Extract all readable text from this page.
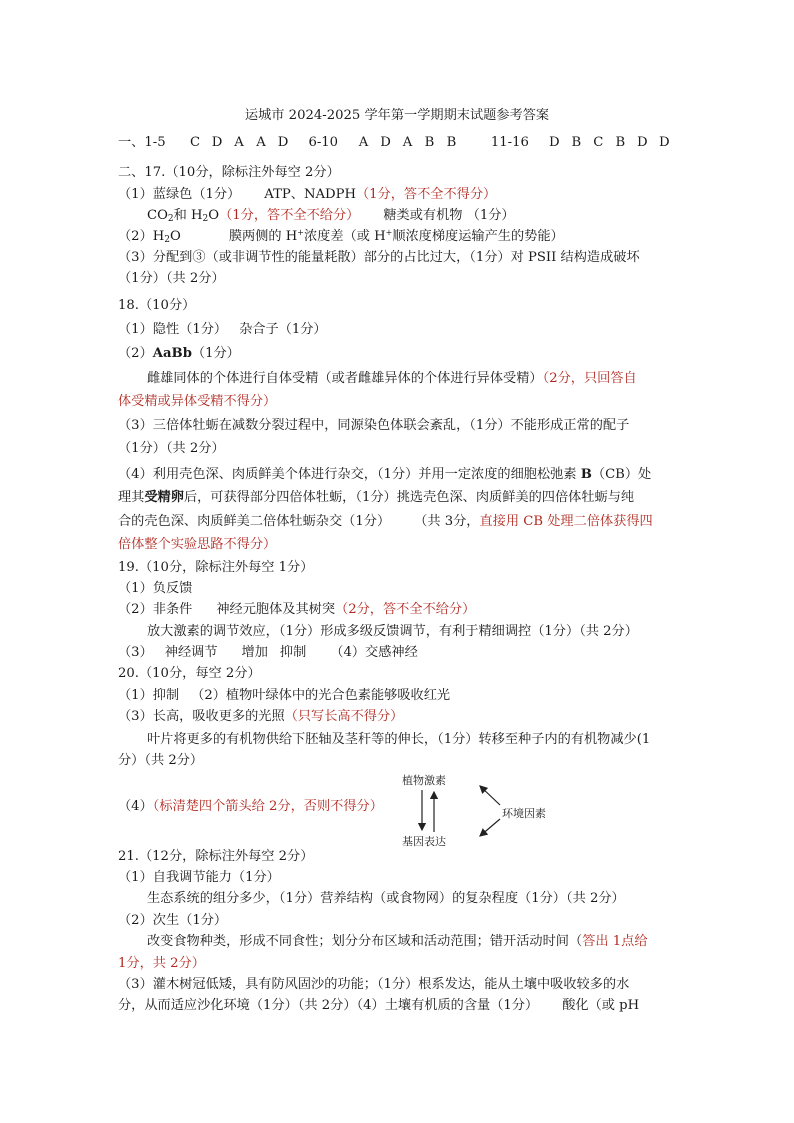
运城市 2024-2025 学年第一学期期末试题参考答案
一、1-5 C D A A D 6-10 A D A B B	11-16 D B C B D D
二、17.（10分，除标注外每空 2分）
（1）蓝绿色（1分） ATP、NADPH（1分，答不全不得分）
$CO_2$和 $H_2O(1$分，答不全不给分） 糖类或有机物 （1分）
$(2)H_2O$	膜两侧的 H+浓度差（或 H+顺浓度梯度运输产生的势能）
（3）分配到③（或非调节性的能量耗散）部分的占比过大，（1分）对 PSII 结构造成破坏
（1分）（共 2分）
18.（10分）
（1）隐性（1分） 杂合子（1分）
（2）AaBb（1分）
雌雄同体的个体进行自体受精（或者雌雄异体的个体进行异体受精）（2分，只回答自
体受精或异体受精不得分）
（3）三倍体牡蛎在减数分裂过程中，同源染色体联会紊乱，（1分）不能形成正常的配子
（1分）（共 2分）
（4）利用壳色深、肉质鲜美个体进行杂交，（1分）并用一定浓度的细胞松弛素 B（CB）处
理其受精卵后，可获得部分四倍体牡蛎，（1分）挑选壳色深、肉质鲜美的四倍体牡蛎与纯
合的壳色深、肉质鲜美二倍体牡蛎杂交（1分） （共 3分，直接用 CB 处理二倍体获得四
倍体整个实验思路不得分）
19.（10分，除标注外每空 1分）
（1）负反馈
（2）非条件 神经元胞体及其树突（2分，答不全不给分）
放大激素的调节效应，（1分）形成多级反馈调节，有利于精细调控（1分）（共 2分）
（3） 神经调节 增加 抑制 （4）交感神经
20.（10分，每空 2分）
（1）抑制 （2）植物叶绿体中的光合色素能够吸收红光
（3）长高，吸收更多的光照（只写长高不得分）
叶片将更多的有机物供给下胚轴及茎秆等的伸长，（1分）转移至种子内的有机物减少(1
分）（共 2分）
（4）（标清楚四个箭头给 2分，否则不得分）
植物激素
环境因素
基因表达
21.（12分，除标注外每空 2分）
（1）自我调节能力（1分）
生态系统的组分多少，（1分）营养结构（或食物网）的复杂程度（1分）（共 2分）
（2）次生（1分）
改变食物种类，形成不同食性；划分分布区域和活动范围；错开活动时间（答出 1点给
1分，共 2分）
（3）灌木树冠低矮，具有防风固沙的功能；（1分）根系发达，能从土壤中吸收较多的水
分，从而适应沙化环境（1分）（共 2分）（4）土壤有机质的含量（1分） 酸化（或 pH
